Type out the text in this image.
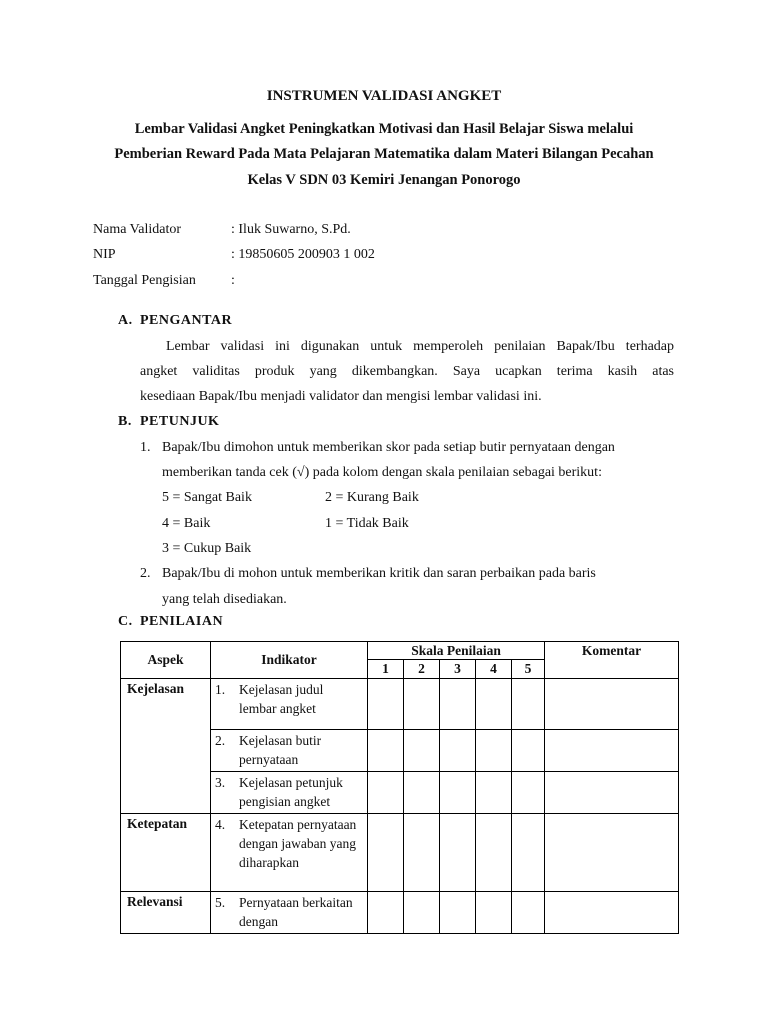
INSTRUMEN VALIDASI ANGKET
Lembar Validasi Angket Peningkatkan Motivasi dan Hasil Belajar Siswa melalui
Pemberian Reward Pada Mata Pelajaran Matematika dalam Materi Bilangan Pecahan
Kelas V SDN 03 Kemiri Jenangan Ponorogo
Nama Validator	: Iluk Suwarno, S.Pd.
NIP	: 19850605 200903 1 002
Tanggal Pengisian	:
A. PENGANTAR
Lembar validasi ini digunakan untuk memperoleh penilaian Bapak/Ibu terhadap
angket validitas produk yang dikembangkan. Saya ucapkan terima kasih atas
kesediaan Bapak/Ibu menjadi validator dan mengisi lembar validasi ini.
B. PETUNJUK
1. Bapak/Ibu dimohon untuk memberikan skor pada setiap butir pernyataan dengan
memberikan tanda cek (√) pada kolom dengan skala penilaian sebagai berikut:
5 = Sangat Baik	2 = Kurang Baik
4 = Baik	1 = Tidak Baik
3 = Cukup Baik
2. Bapak/Ibu di mohon untuk memberikan kritik dan saran perbaikan pada baris
yang telah disediakan.
C. PENILAIAN
Aspek	Indikator	Skala Penilaian					Komentar
		1	2	3	4	5	
Kejelasan	1. Kejelasan judul lembar angket						

	2. Kejelasan butir pernyataan						

	3. Kejelasan petunjuk pengisian angket						

Ketepatan	4. Ketepatan pernyataan dengan jawaban yang diharapkan						

Relevansi	5. Pernyataan berkaitan dengan						
